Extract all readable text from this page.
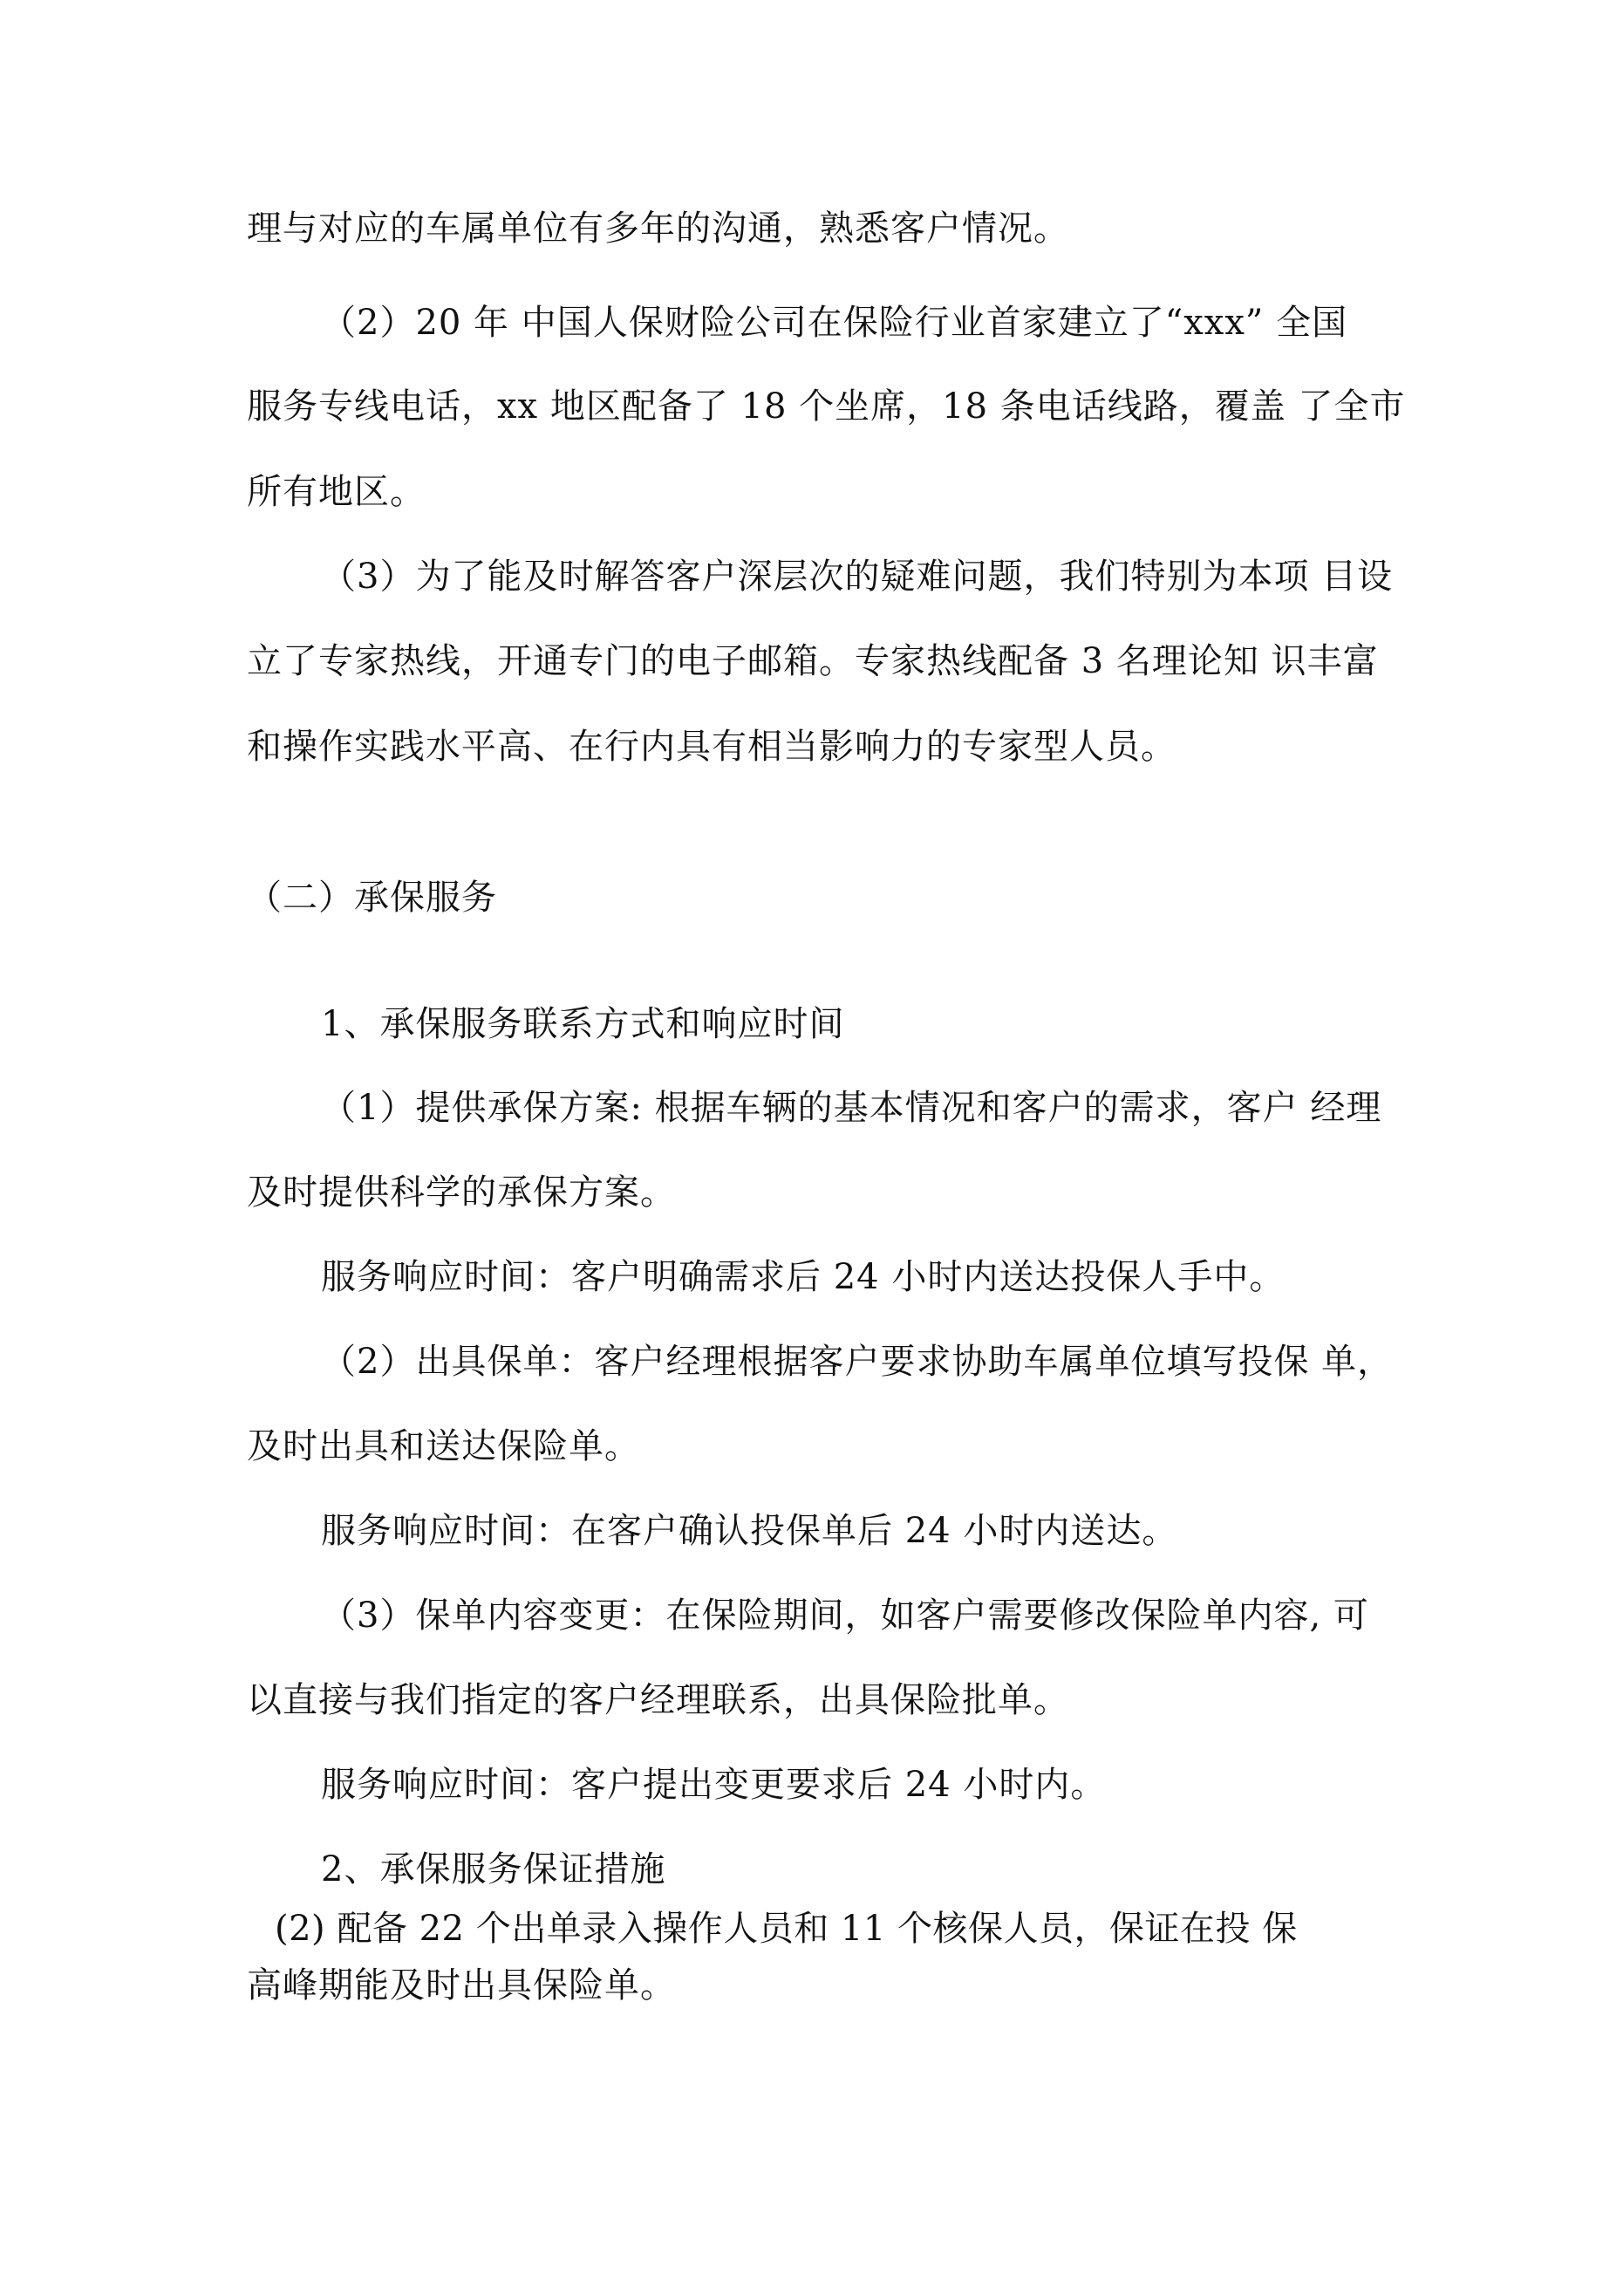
理与对应的车属单位有多年的沟通，熟悉客户情况。
（2）20 年 中国人保财险公司在保险行业首家建立了“xxx” 全国
服务专线电话，xx 地区配备了 18 个坐席，18 条电话线路，覆盖 了全市
所有地区。
（3）为了能及时解答客户深层次的疑难问题，我们特别为本项 目设
立了专家热线，开通专门的电子邮箱。专家热线配备 3 名理论知 识丰富
和操作实践水平高、在行内具有相当影响力的专家型人员。
（二）承保服务
1、承保服务联系方式和响应时间
（1）提供承保方案: 根据车辆的基本情况和客户的需求，客户 经理
及时提供科学的承保方案。
服务响应时间：客户明确需求后 24 小时内送达投保人手中。
（2）出具保单：客户经理根据客户要求协助车属单位填写投保 单，
及时出具和送达保险单。
服务响应时间：在客户确认投保单后 24 小时内送达。
（3）保单内容变更：在保险期间，如客户需要修改保险单内容, 可
以直接与我们指定的客户经理联系，出具保险批单。
服务响应时间：客户提出变更要求后 24 小时内。
2、承保服务保证措施
(2) 配备 22 个出单录入操作人员和 11 个核保人员，保证在投 保
高峰期能及时出具保险单。
